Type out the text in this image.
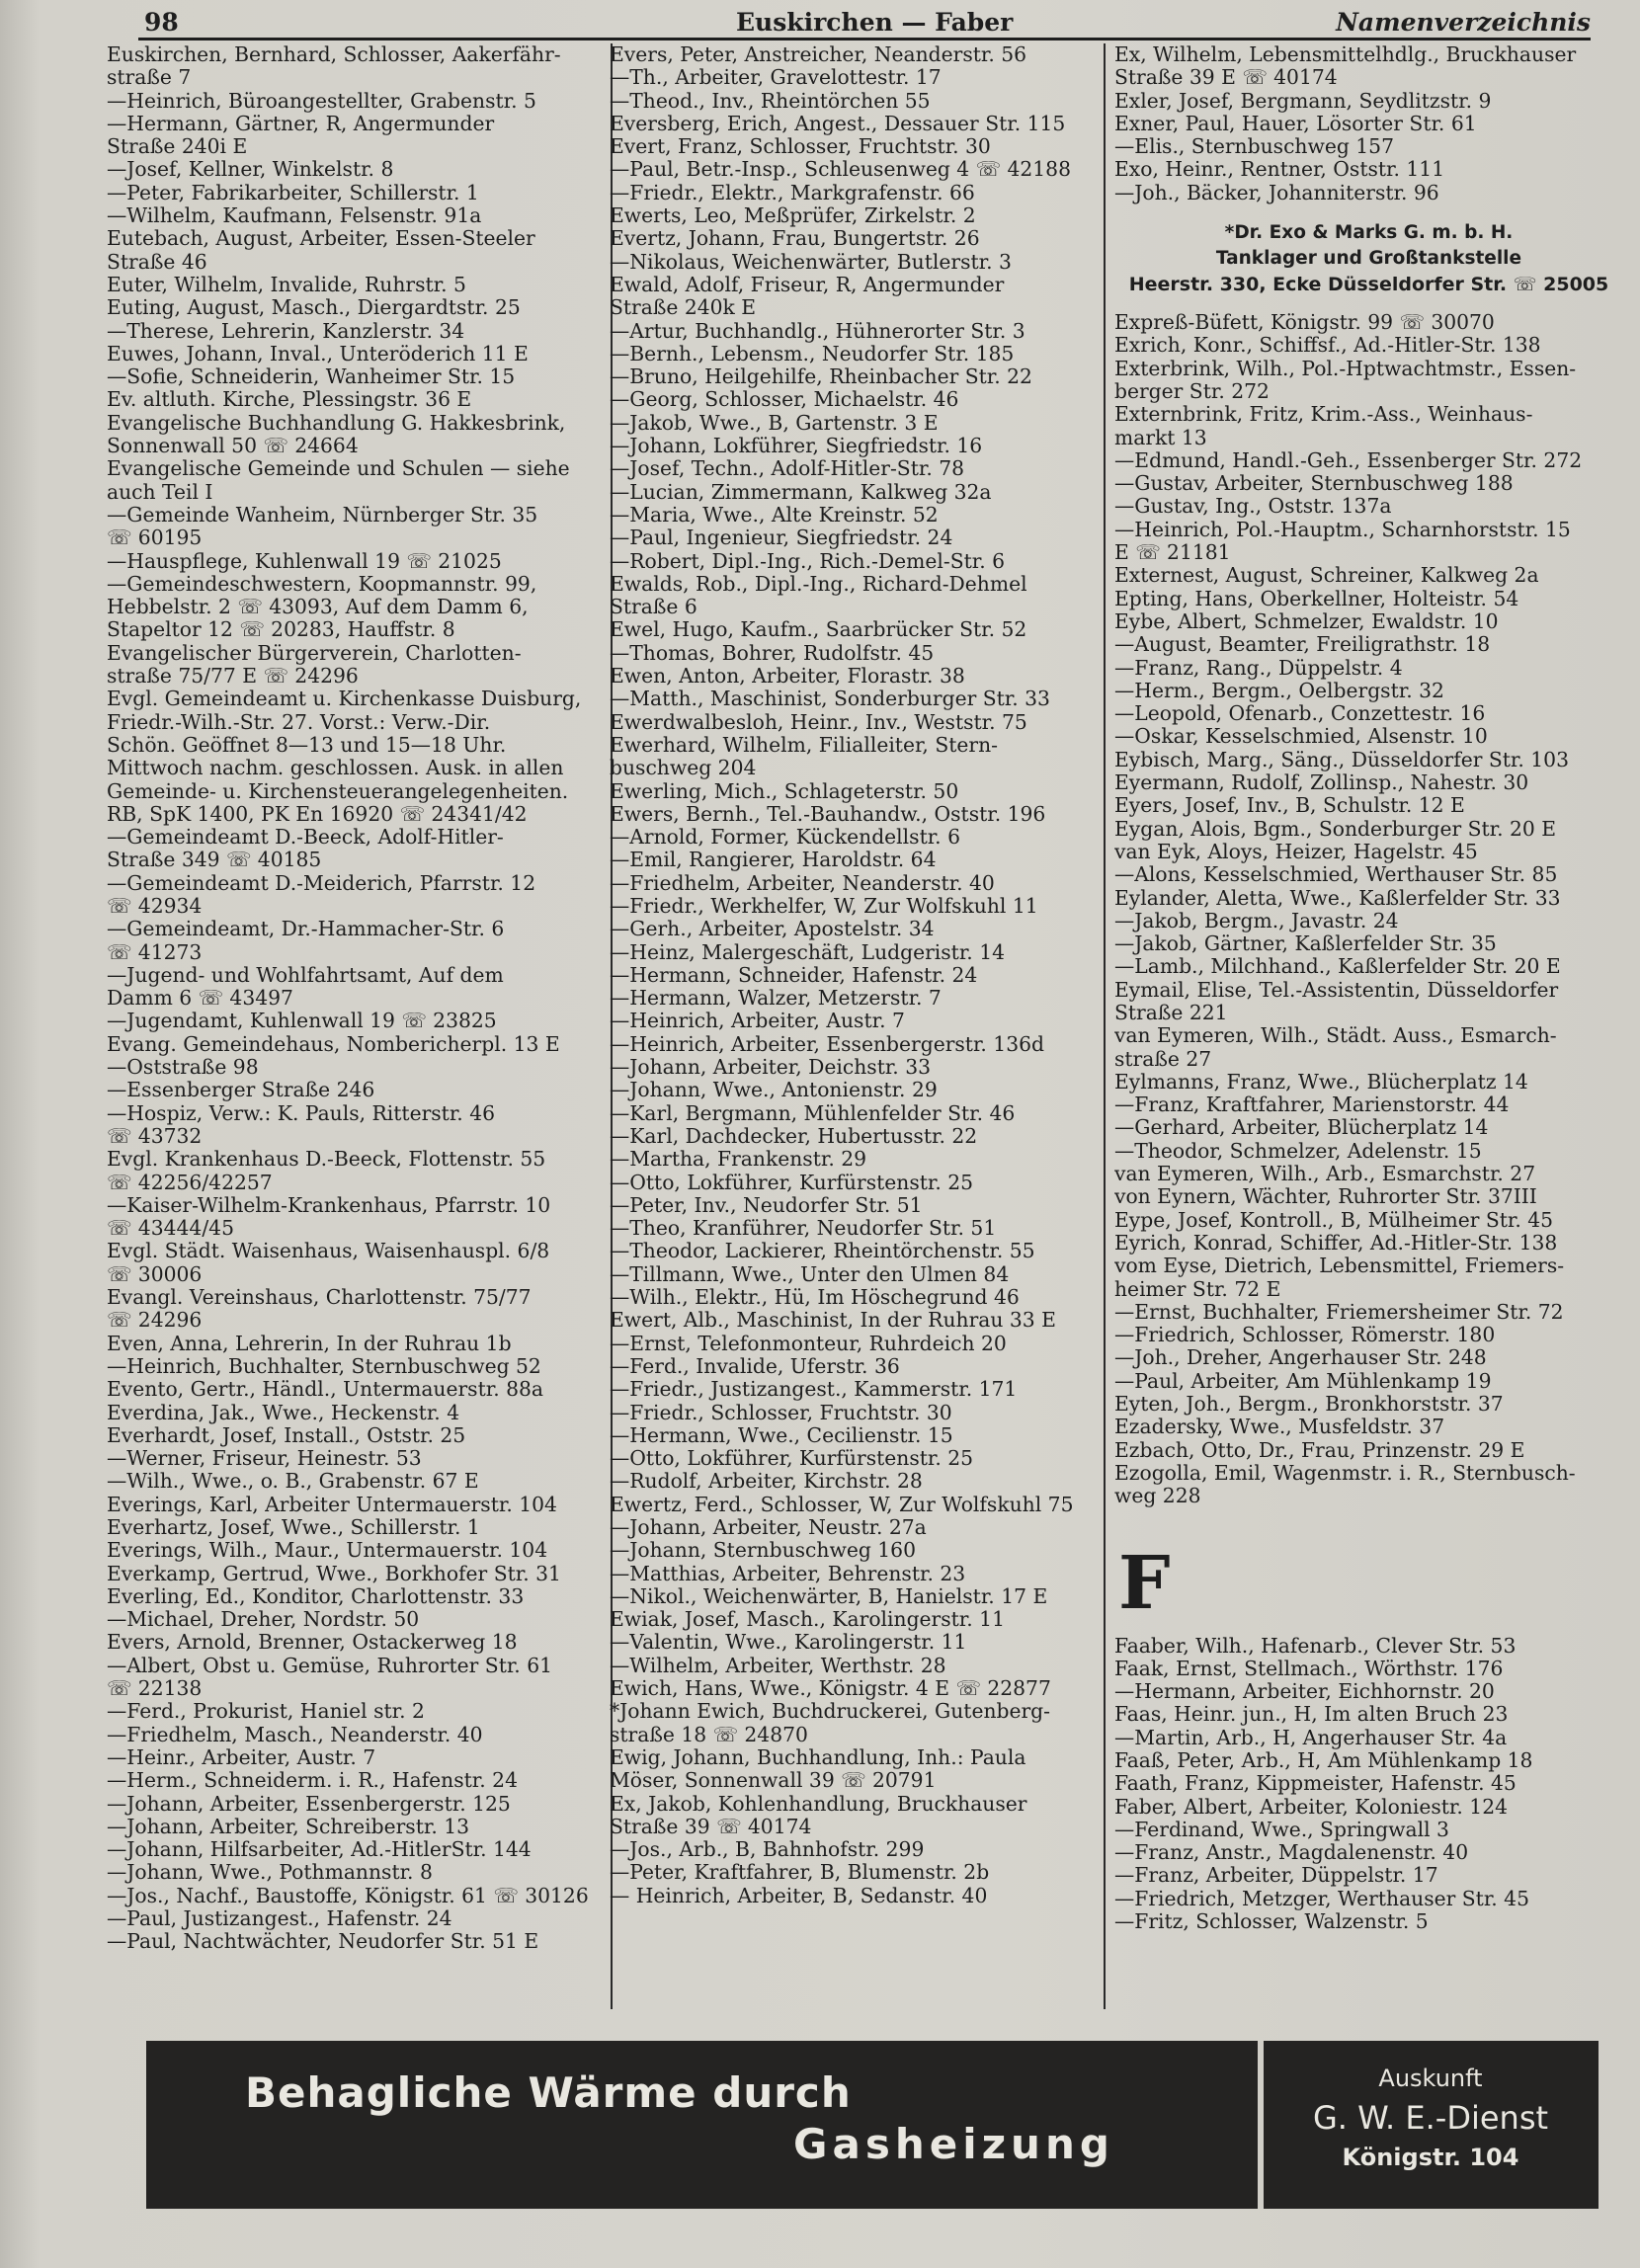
98	Euskirchen — Faber	Namenverzeichnis
Euskirchen, Bernhard, Schlosser, Aakerfähr-
straße 7
—Heinrich, Büroangestellter, Grabenstr. 5
—Hermann, Gärtner, R, Angermunder
Straße 240i E
—Josef, Kellner, Winkelstr. 8
—Peter, Fabrikarbeiter, Schillerstr. 1
—Wilhelm, Kaufmann, Felsenstr. 91a
Eutebach, August, Arbeiter, Essen-Steeler
Straße 46
Euter, Wilhelm, Invalide, Ruhrstr. 5
Euting, August, Masch., Diergardtstr. 25
—Therese, Lehrerin, Kanzlerstr. 34
Euwes, Johann, Inval., Unteröderich 11 E
—Sofie, Schneiderin, Wanheimer Str. 15
Ev. altluth. Kirche, Plessingstr. 36 E
Evangelische Buchhandlung G. Hakkesbrink,
Sonnenwall 50 ☏ 24664
Evangelische Gemeinde und Schulen — siehe
auch Teil I
—Gemeinde Wanheim, Nürnberger Str. 35
☏ 60195
—Hauspflege, Kuhlenwall 19 ☏ 21025
—Gemeindeschwestern, Koopmannstr. 99,
Hebbelstr. 2 ☏ 43093, Auf dem Damm 6,
Stapeltor 12 ☏ 20283, Hauffstr. 8
Evangelischer Bürgerverein, Charlotten-
straße 75/77 E ☏ 24296
Evgl. Gemeindeamt u. Kirchenkasse Duisburg,
Friedr.-Wilh.-Str. 27. Vorst.: Verw.-Dir.
Schön. Geöffnet 8—13 und 15—18 Uhr.
Mittwoch nachm. geschlossen. Ausk. in allen
Gemeinde- u. Kirchensteuerangelegenheiten.
RB, SpK 1400, PK En 16920 ☏ 24341/42
—Gemeindeamt D.-Beeck, Adolf-Hitler-
Straße 349 ☏ 40185
—Gemeindeamt D.-Meiderich, Pfarrstr. 12
☏ 42934
—Gemeindeamt, Dr.-Hammacher-Str. 6
☏ 41273
—Jugend- und Wohlfahrtsamt, Auf dem
Damm 6 ☏ 43497
—Jugendamt, Kuhlenwall 19 ☏ 23825
Evang. Gemeindehaus, Nombericherpl. 13 E
—Oststraße 98
—Essenberger Straße 246
—Hospiz, Verw.: K. Pauls, Ritterstr. 46
☏ 43732
Evgl. Krankenhaus D.-Beeck, Flottenstr. 55
☏ 42256/42257
—Kaiser-Wilhelm-Krankenhaus, Pfarrstr. 10
☏ 43444/45
Evgl. Städt. Waisenhaus, Waisenhauspl. 6/8
☏ 30006
Evangl. Vereinshaus, Charlottenstr. 75/77
☏ 24296
Even, Anna, Lehrerin, In der Ruhrau 1b
—Heinrich, Buchhalter, Sternbuschweg 52
Evento, Gertr., Händl., Untermauerstr. 88a
Everdina, Jak., Wwe., Heckenstr. 4
Everhardt, Josef, Install., Oststr. 25
—Werner, Friseur, Heinestr. 53
—Wilh., Wwe., o. B., Grabenstr. 67 E
Everings, Karl, Arbeiter Untermauerstr. 104
Everhartz, Josef, Wwe., Schillerstr. 1
Everings, Wilh., Maur., Untermauerstr. 104
Everkamp, Gertrud, Wwe., Borkhofer Str. 31
Everling, Ed., Konditor, Charlottenstr. 33
—Michael, Dreher, Nordstr. 50
Evers, Arnold, Brenner, Ostackerweg 18
—Albert, Obst u. Gemüse, Ruhrorter Str. 61
☏ 22138
—Ferd., Prokurist, Haniel str. 2
—Friedhelm, Masch., Neanderstr. 40
—Heinr., Arbeiter, Austr. 7
—Herm., Schneiderm. i. R., Hafenstr. 24
—Johann, Arbeiter, Essenbergerstr. 125
—Johann, Arbeiter, Schreiberstr. 13
—Johann, Hilfsarbeiter, Ad.-HitlerStr. 144
—Johann, Wwe., Pothmannstr. 8
—Jos., Nachf., Baustoffe, Königstr. 61 ☏ 30126
—Paul, Justizangest., Hafenstr. 24
—Paul, Nachtwächter, Neudorfer Str. 51 E
Evers, Peter, Anstreicher, Neanderstr. 56
—Th., Arbeiter, Gravelottestr. 17
—Theod., Inv., Rheintörchen 55
Eversberg, Erich, Angest., Dessauer Str. 115
Evert, Franz, Schlosser, Fruchtstr. 30
—Paul, Betr.-Insp., Schleusenweg 4 ☏ 42188
—Friedr., Elektr., Markgrafenstr. 66
Ewerts, Leo, Meßprüfer, Zirkelstr. 2
Evertz, Johann, Frau, Bungertstr. 26
—Nikolaus, Weichenwärter, Butlerstr. 3
Ewald, Adolf, Friseur, R, Angermunder
Straße 240k E
—Artur, Buchhandlg., Hühnerorter Str. 3
—Bernh., Lebensm., Neudorfer Str. 185
—Bruno, Heilgehilfe, Rheinbacher Str. 22
—Georg, Schlosser, Michaelstr. 46
—Jakob, Wwe., B, Gartenstr. 3 E
—Johann, Lokführer, Siegfriedstr. 16
—Josef, Techn., Adolf-Hitler-Str. 78
—Lucian, Zimmermann, Kalkweg 32a
—Maria, Wwe., Alte Kreinstr. 52
—Paul, Ingenieur, Siegfriedstr. 24
—Robert, Dipl.-Ing., Rich.-Demel-Str. 6
Ewalds, Rob., Dipl.-Ing., Richard-Dehmel
Straße 6
Ewel, Hugo, Kaufm., Saarbrücker Str. 52
—Thomas, Bohrer, Rudolfstr. 45
Ewen, Anton, Arbeiter, Florastr. 38
—Matth., Maschinist, Sonderburger Str. 33
Ewerdwalbesloh, Heinr., Inv., Weststr. 75
Ewerhard, Wilhelm, Filialleiter, Stern-
buschweg 204
Ewerling, Mich., Schlageterstr. 50
Ewers, Bernh., Tel.-Bauhandw., Oststr. 196
—Arnold, Former, Kückendellstr. 6
—Emil, Rangierer, Haroldstr. 64
—Friedhelm, Arbeiter, Neanderstr. 40
—Friedr., Werkhelfer, W, Zur Wolfskuhl 11
—Gerh., Arbeiter, Apostelstr. 34
—Heinz, Malergeschäft, Ludgeristr. 14
—Hermann, Schneider, Hafenstr. 24
—Hermann, Walzer, Metzerstr. 7
—Heinrich, Arbeiter, Austr. 7
—Heinrich, Arbeiter, Essenbergerstr. 136d
—Johann, Arbeiter, Deichstr. 33
—Johann, Wwe., Antonienstr. 29
—Karl, Bergmann, Mühlenfelder Str. 46
—Karl, Dachdecker, Hubertusstr. 22
—Martha, Frankenstr. 29
—Otto, Lokführer, Kurfürstenstr. 25
—Peter, Inv., Neudorfer Str. 51
—Theo, Kranführer, Neudorfer Str. 51
—Theodor, Lackierer, Rheintörchenstr. 55
—Tillmann, Wwe., Unter den Ulmen 84
—Wilh., Elektr., Hü, Im Höschegrund 46
Ewert, Alb., Maschinist, In der Ruhrau 33 E
—Ernst, Telefonmonteur, Ruhrdeich 20
—Ferd., Invalide, Uferstr. 36
—Friedr., Justizangest., Kammerstr. 171
—Friedr., Schlosser, Fruchtstr. 30
—Hermann, Wwe., Cecilienstr. 15
—Otto, Lokführer, Kurfürstenstr. 25
—Rudolf, Arbeiter, Kirchstr. 28
Ewertz, Ferd., Schlosser, W, Zur Wolfskuhl 75
—Johann, Arbeiter, Neustr. 27a
—Johann, Sternbuschweg 160
—Matthias, Arbeiter, Behrenstr. 23
—Nikol., Weichenwärter, B, Hanielstr. 17 E
Ewiak, Josef, Masch., Karolingerstr. 11
—Valentin, Wwe., Karolingerstr. 11
—Wilhelm, Arbeiter, Werthstr. 28
Ewich, Hans, Wwe., Königstr. 4 E ☏ 22877
*Johann Ewich, Buchdruckerei, Gutenberg-
straße 18 ☏ 24870
Ewig, Johann, Buchhandlung, Inh.: Paula
Möser, Sonnenwall 39 ☏ 20791
Ex, Jakob, Kohlenhandlung, Bruckhauser
Straße 39 ☏ 40174
—Jos., Arb., B, Bahnhofstr. 299
—Peter, Kraftfahrer, B, Blumenstr. 2b
— Heinrich, Arbeiter, B, Sedanstr. 40
Ex, Wilhelm, Lebensmittelhdlg., Bruckhauser
Straße 39 E ☏ 40174
Exler, Josef, Bergmann, Seydlitzstr. 9
Exner, Paul, Hauer, Lösorter Str. 61
—Elis., Sternbuschweg 157
Exo, Heinr., Rentner, Oststr. 111
—Joh., Bäcker, Johanniterstr. 96
*Dr. Exo & Marks G. m. b. H.
Tanklager und Großtankstelle
Heerstr. 330, Ecke Düsseldorfer Str. ☏ 25005
Expreß-Büfett, Königstr. 99 ☏ 30070
Exrich, Konr., Schiffsf., Ad.-Hitler-Str. 138
Exterbrink, Wilh., Pol.-Hptwachtmstr., Essen-
berger Str. 272
Externbrink, Fritz, Krim.-Ass., Weinhaus-
markt 13
—Edmund, Handl.-Geh., Essenberger Str. 272
—Gustav, Arbeiter, Sternbuschweg 188
—Gustav, Ing., Oststr. 137a
—Heinrich, Pol.-Hauptm., Scharnhorststr. 15
E ☏ 21181
Externest, August, Schreiner, Kalkweg 2a
Epting, Hans, Oberkellner, Holteistr. 54
Eybe, Albert, Schmelzer, Ewaldstr. 10
—August, Beamter, Freiligrathstr. 18
—Franz, Rang., Düppelstr. 4
—Herm., Bergm., Oelbergstr. 32
—Leopold, Ofenarb., Conzettestr. 16
—Oskar, Kesselschmied, Alsenstr. 10
Eybisch, Marg., Säng., Düsseldorfer Str. 103
Eyermann, Rudolf, Zollinsp., Nahestr. 30
Eyers, Josef, Inv., B, Schulstr. 12 E
Eygan, Alois, Bgm., Sonderburger Str. 20 E
van Eyk, Aloys, Heizer, Hagelstr. 45
—Alons, Kesselschmied, Werthauser Str. 85
Eylander, Aletta, Wwe., Kaßlerfelder Str. 33
—Jakob, Bergm., Javastr. 24
—Jakob, Gärtner, Kaßlerfelder Str. 35
—Lamb., Milchhand., Kaßlerfelder Str. 20 E
Eymail, Elise, Tel.-Assistentin, Düsseldorfer
Straße 221
van Eymeren, Wilh., Städt. Auss., Esmarch-
straße 27
Eylmanns, Franz, Wwe., Blücherplatz 14
—Franz, Kraftfahrer, Marienstorstr. 44
—Gerhard, Arbeiter, Blücherplatz 14
—Theodor, Schmelzer, Adelenstr. 15
van Eymeren, Wilh., Arb., Esmarchstr. 27
von Eynern, Wächter, Ruhrorter Str. 37III
Eype, Josef, Kontroll., B, Mülheimer Str. 45
Eyrich, Konrad, Schiffer, Ad.-Hitler-Str. 138
vom Eyse, Dietrich, Lebensmittel, Friemers-
heimer Str. 72 E
—Ernst, Buchhalter, Friemersheimer Str. 72
—Friedrich, Schlosser, Römerstr. 180
—Joh., Dreher, Angerhauser Str. 248
—Paul, Arbeiter, Am Mühlenkamp 19
Eyten, Joh., Bergm., Bronkhorststr. 37
Ezadersky, Wwe., Musfeldstr. 37
Ezbach, Otto, Dr., Frau, Prinzenstr. 29 E
Ezogolla, Emil, Wagenmstr. i. R., Sternbusch-
weg 228
F
Faaber, Wilh., Hafenarb., Clever Str. 53
Faak, Ernst, Stellmach., Wörthstr. 176
—Hermann, Arbeiter, Eichhornstr. 20
Faas, Heinr. jun., H, Im alten Bruch 23
—Martin, Arb., H, Angerhauser Str. 4a
Faaß, Peter, Arb., H, Am Mühlenkamp 18
Faath, Franz, Kippmeister, Hafenstr. 45
Faber, Albert, Arbeiter, Koloniestr. 124
—Ferdinand, Wwe., Springwall 3
—Franz, Anstr., Magdalenenstr. 40
—Franz, Arbeiter, Düppelstr. 17
—Friedrich, Metzger, Werthauser Str. 45
—Fritz, Schlosser, Walzenstr. 5
Behagliche Wärme durch
Gasheizung
Auskunft
G. W. E.-Dienst
Königstr. 104
